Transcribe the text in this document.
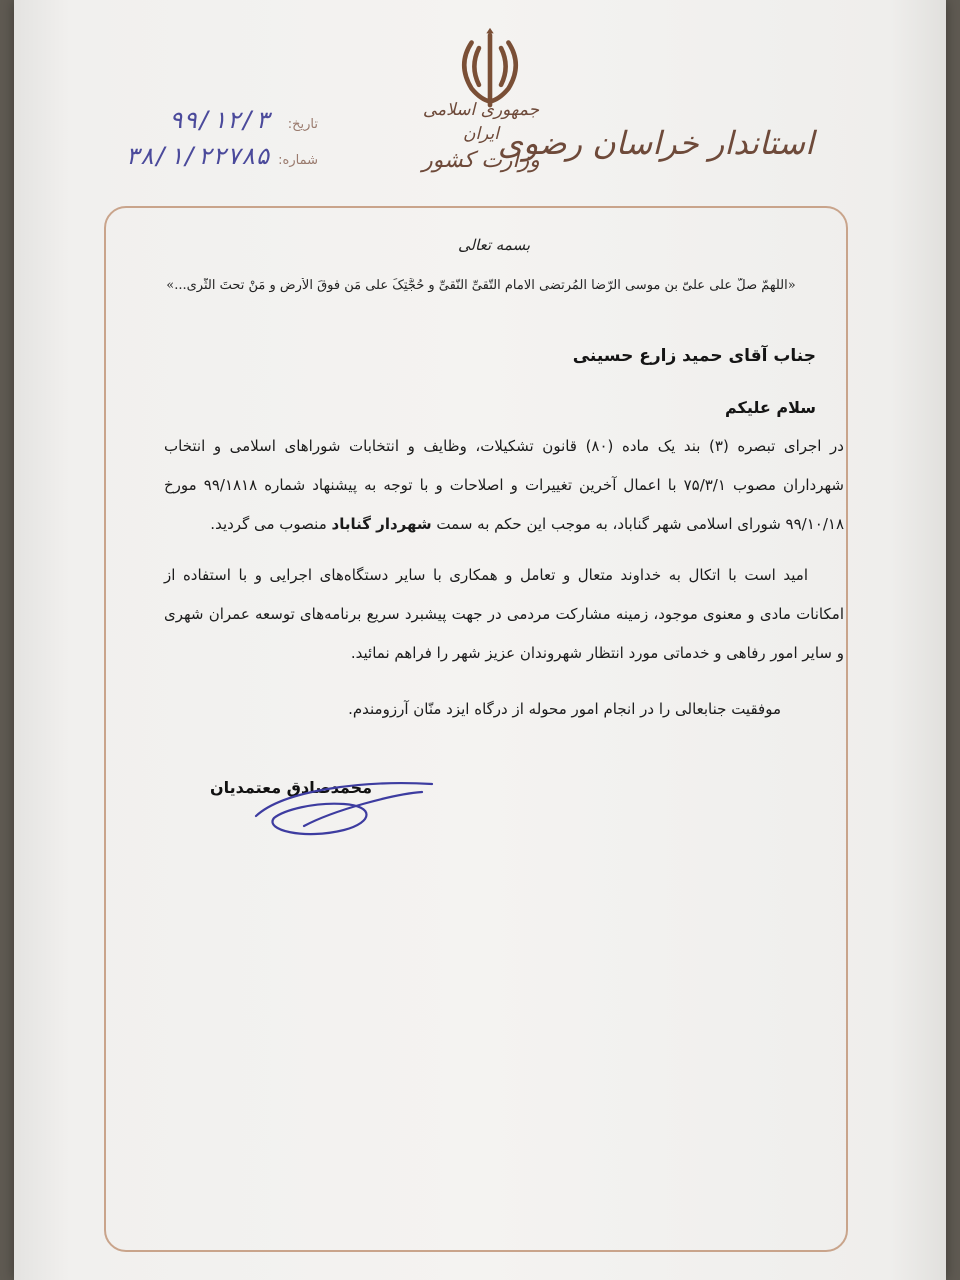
استاندار خراسان رضوی
جمهوری اسلامی ایران
وزارت کشور
تاریخ: ۹۹/۱۲/۳
شماره: ۳۸/۱/۲۲۷۸۵
بسمه تعالی
«اللّهمّ صلّ علی علیّ بن موسی الرّضا المُرتضی الامامِ التّقیِّ النّقیِّ و حُجَّتِکَ علی مَن فوقَ الأرضِ و مَنْ تحتَ الثّری...»
جناب آقای حمید زارع حسینی
سلام علیکم
در اجرای تبصره (۳) بند یک ماده (۸۰) قانون تشکیلات، وظایف و انتخابات شوراهای اسلامی و انتخاب شهرداران مصوب ۷۵/۳/۱ با اعمال آخرین تغییرات و اصلاحات و با توجه به پیشنهاد شماره ۹۹/۱۸۱۸ مورخ ۹۹/۱۰/۱۸ شورای اسلامی شهر گناباد، به موجب این حکم به سمت شهردار گناباد منصوب می گردید.
امید است با اتکال به خداوند متعال و تعامل و همکاری با سایر دستگاه‌های اجرایی و با استفاده از امکانات مادی و معنوی موجود، زمینه مشارکت مردمی در جهت پیشبرد سریع برنامه‌های توسعه عمران شهری و سایر امور رفاهی و خدماتی مورد انتظار شهروندان عزیز شهر را فراهم نمائید.
موفقیت جنابعالی را در انجام امور محوله از درگاه ایزد منّان آرزومندم.
محمدصادق معتمدیان
